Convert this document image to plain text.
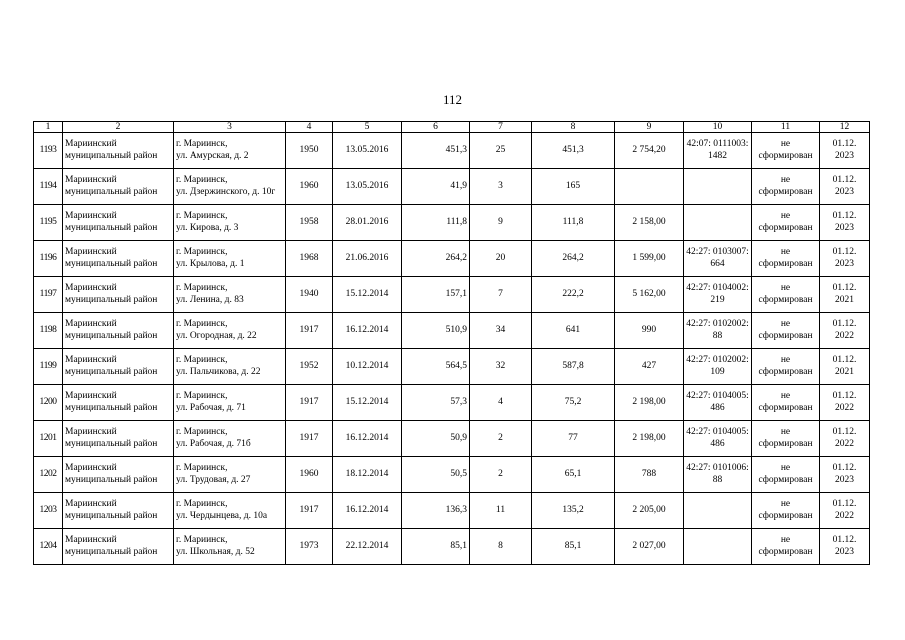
112
1	2	3	4	5	6	7	8	9	10	11	12
1193	Мариинский муниципальный район	г. Мариинск,
ул. Амурская, д. 2	1950	13.05.2016	451,3	25	451,3	2 754,20	42:07: 0111003:1482	не сформирован	01.12. 2023
1194	Мариинский муниципальный район	г. Мариинск,
ул. Дзержинского, д. 10г	1960	13.05.2016	41,9	3	165			не сформирован	01.12. 2023
1195	Мариинский муниципальный район	г. Мариинск,
ул. Кирова, д. 3	1958	28.01.2016	111,8	9	111,8	2 158,00		не сформирован	01.12. 2023
1196	Мариинский муниципальный район	г. Мариинск,
ул. Крылова, д. 1	1968	21.06.2016	264,2	20	264,2	1 599,00	42:27: 0103007:664	не сформирован	01.12. 2023
1197	Мариинский муниципальный район	г. Мариинск,
ул. Ленина, д. 83	1940	15.12.2014	157,1	7	222,2	5 162,00	42:27: 0104002:219	не сформирован	01.12. 2021
1198	Мариинский муниципальный район	г. Мариинск,
ул. Огородная, д. 22	1917	16.12.2014	510,9	34	641	990	42:27: 0102002:88	не сформирован	01.12. 2022
1199	Мариинский муниципальный район	г. Мариинск,
ул. Пальчикова, д. 22	1952	10.12.2014	564,5	32	587,8	427	42:27: 0102002:109	не сформирован	01.12. 2021
1200	Мариинский муниципальный район	г. Мариинск,
ул. Рабочая, д. 71	1917	15.12.2014	57,3	4	75,2	2 198,00	42:27: 0104005:486	не сформирован	01.12. 2022
1201	Мариинский муниципальный район	г. Мариинск,
ул. Рабочая, д. 71б	1917	16.12.2014	50,9	2	77	2 198,00	42:27: 0104005:486	не сформирован	01.12. 2022
1202	Мариинский муниципальный район	г. Мариинск,
ул. Трудовая, д. 27	1960	18.12.2014	50,5	2	65,1	788	42:27: 0101006:88	не сформирован	01.12. 2023
1203	Мариинский муниципальный район	г. Мариинск,
ул. Чердынцева, д. 10а	1917	16.12.2014	136,3	11	135,2	2 205,00		не сформирован	01.12. 2022
1204	Мариинский муниципальный район	г. Мариинск,
ул. Школьная, д. 52	1973	22.12.2014	85,1	8	85,1	2 027,00		не сформирован	01.12. 2023
